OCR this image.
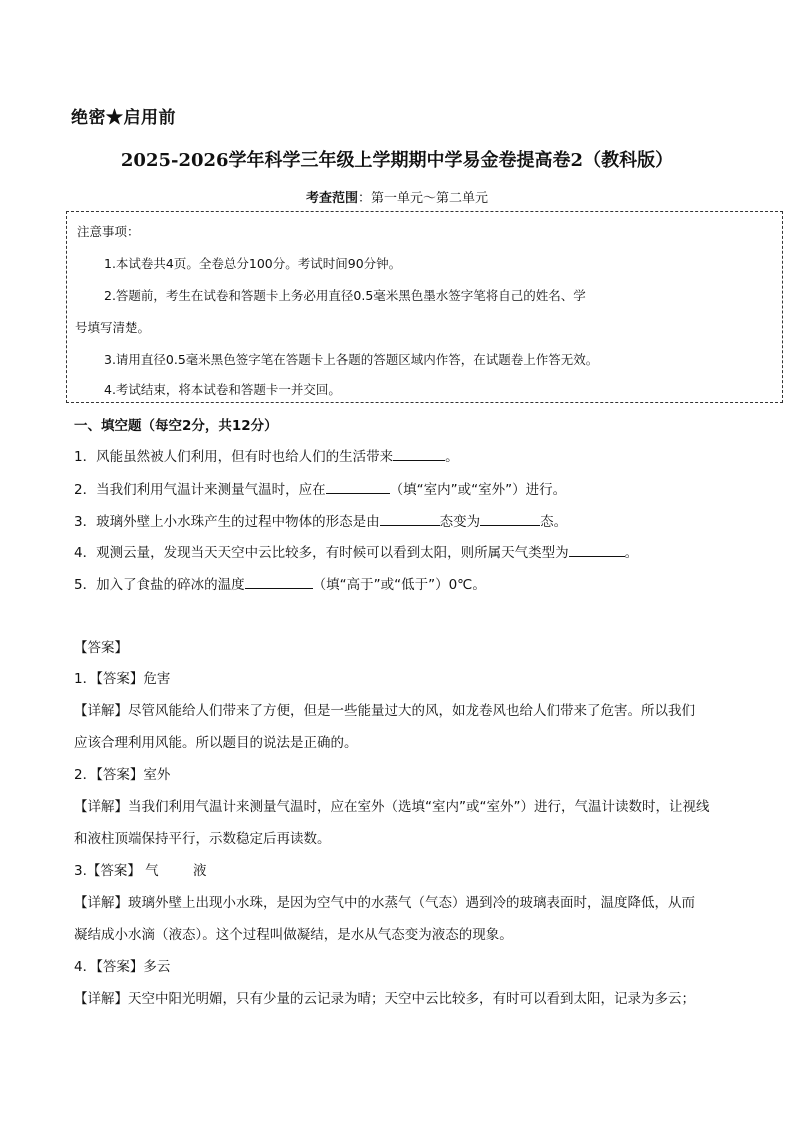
绝密★启用前
2025-2026学年科学三年级上学期期中学易金卷提高卷2（教科版）
考查范围：第一单元～第二单元
注意事项：
1.本试卷共4页。全卷总分100分。考试时间90分钟。
2.答题前，考生在试卷和答题卡上务必用直径0.5毫米黑色墨水签字笔将自己的姓名、学
号填写清楚。
3.请用直径0.5毫米黑色签字笔在答题卡上各题的答题区域内作答，在试题卷上作答无效。
4.考试结束，将本试卷和答题卡一并交回。
一、填空题（每空2分，共12分）
1．风能虽然被人们利用，但有时也给人们的生活带来	。
2．当我们利用气温计来测量气温时，应在	（填“室内”或“室外”）进行。
3．玻璃外壁上小水珠产生的过程中物体的形态是由	态变为	态。
4．观测云量，发现当天天空中云比较多，有时候可以看到太阳，则所属天气类型为	。
5．加入了食盐的碎冰的温度	（填“高于”或“低于”）0℃。
【答案】
1．【答案】危害
【详解】尽管风能给人们带来了方便，但是一些能量过大的风，如龙卷风也给人们带来了危害。所以我们
应该合理利用风能。所以题目的说法是正确的。
2．【答案】室外
【详解】当我们利用气温计来测量气温时，应在室外（选填“室内”或“室外”）进行，气温计读数时，让视线
和液柱顶端保持平行，示数稳定后再读数。
3.【答案】 气        液
【详解】玻璃外壁上出现小水珠，是因为空气中的水蒸气（气态）遇到冷的玻璃表面时，温度降低，从而
凝结成小水滴（液态）。这个过程叫做凝结，是水从气态变为液态的现象。
4．【答案】多云
【详解】天空中阳光明媚，只有少量的云记录为晴；天空中云比较多，有时可以看到太阳，记录为多云；
